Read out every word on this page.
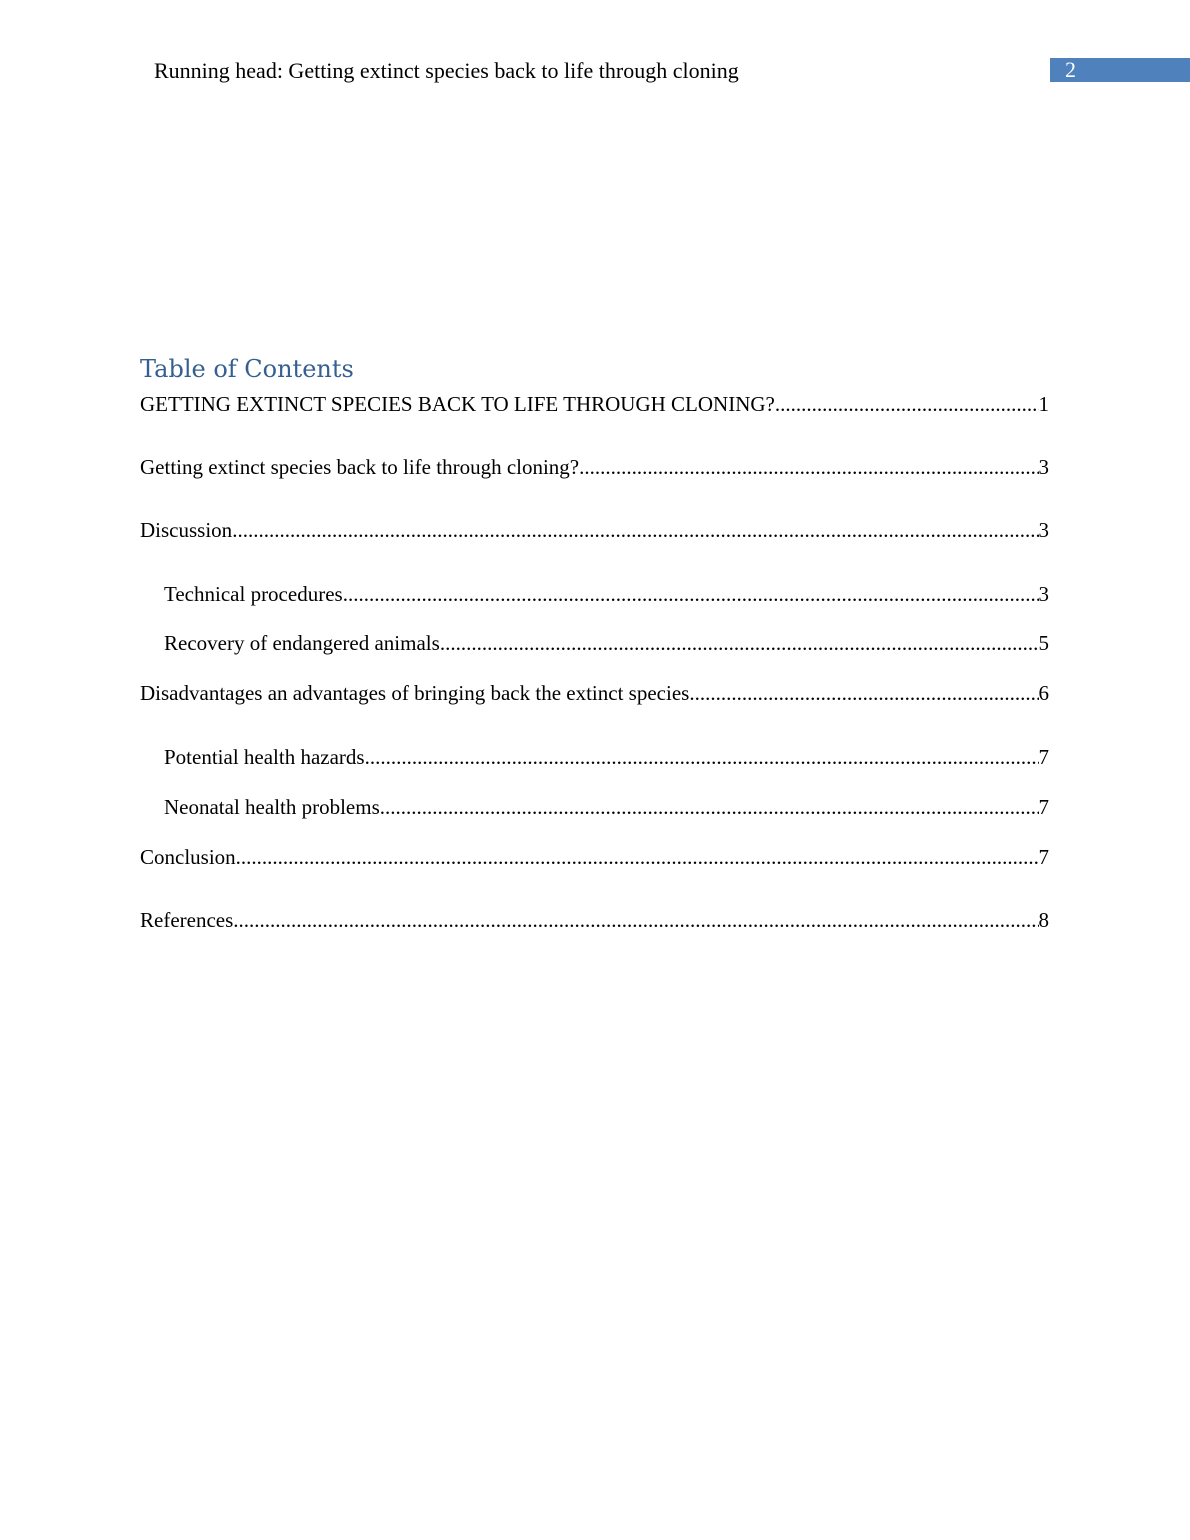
Running head: Getting extinct species back to life through cloning	2
Table of Contents
GETTING EXTINCT SPECIES BACK TO LIFE THROUGH CLONING? .....	1
Getting extinct species back to life through cloning? .....	3
Discussion .....	3
Technical procedures .....	3
Recovery of endangered animals .....	5
Disadvantages an advantages of bringing back the extinct species .....	6
Potential health hazards .....	7
Neonatal health problems .....	7
Conclusion .....	7
References .....	8
